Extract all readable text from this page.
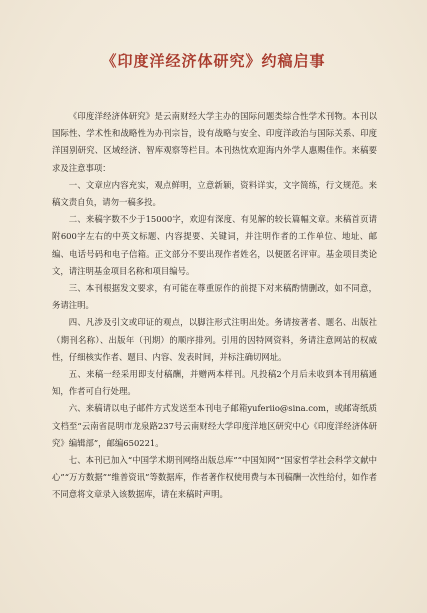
《印度洋经济体研究》约稿启事

《印度洋经济体研究》是云南财经大学主办的国际问题类综合性学术刊物。本刊以国际性、学术性和战略性为办刊宗旨，设有战略与安全、印度洋政治与国际关系、印度洋国别研究、区域经济、智库观察等栏目。本刊热忱欢迎海内外学人惠赐佳作。来稿要求及注意事项：

一、文章应内容充实，观点鲜明，立意新颖，资料详实，文字简练，行文规范。来稿文责自负，请勿一稿多投。

二、来稿字数不少于15000字，欢迎有深度、有见解的较长篇幅文章。来稿首页请附600字左右的中英文标题、内容提要、关键词，并注明作者的工作单位、地址、邮编、电话号码和电子信箱。正文部分不要出现作者姓名，以便匿名评审。基金项目类论文，请注明基金项目名称和项目编号。

三、本刊根据发文要求，有可能在尊重原作的前提下对来稿酌情删改，如不同意，务请注明。

四、凡涉及引文或印证的观点，以脚注形式注明出处。务请按著者、题名、出版社（期刊名称）、出版年（刊期）的顺序排列。引用的因特网资料，务请注意网站的权威性，仔细核实作者、题目、内容、发表时间，并标注确切网址。

五、来稿一经采用即支付稿酬，并赠两本样刊。凡投稿2个月后未收到本刊用稿通知，作者可自行处理。

六、来稿请以电子邮件方式发送至本刊电子邮箱yuferiio@sina.com，或邮寄纸质文档至“云南省昆明市龙泉路237号云南财经大学印度洋地区研究中心《印度洋经济体研究》编辑部”，邮编650221。

七、本刊已加入“中国学术期刊网络出版总库”“中国知网”“国家哲学社会科学文献中心”“万方数据”“维普资讯”等数据库，作者著作权使用费与本刊稿酬一次性给付，如作者不同意将文章录入该数据库，请在来稿时声明。
